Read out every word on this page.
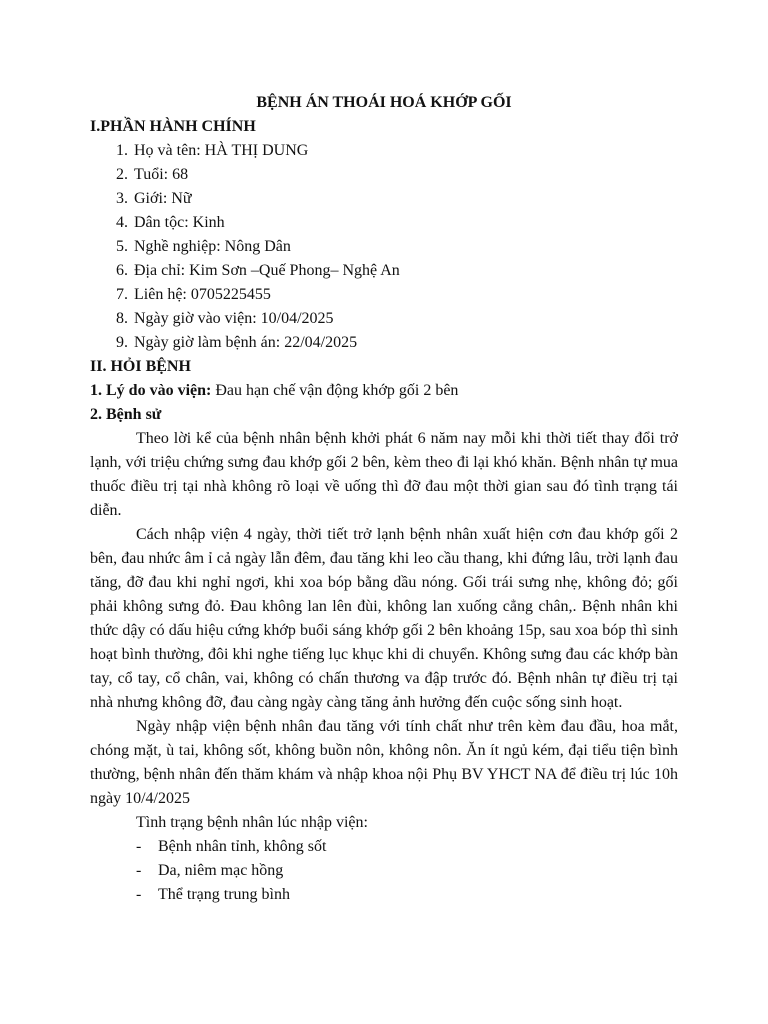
BỆNH ÁN THOÁI HOÁ KHỚP GỐI

I.PHẦN HÀNH CHÍNH

1. Họ và tên: HÀ THỊ DUNG
2. Tuổi: 68
3. Giới: Nữ
4. Dân tộc: Kinh
5. Nghề nghiệp: Nông Dân
6. Địa chỉ: Kim Sơn –Quế Phong– Nghệ An
7. Liên hệ: 0705225455
8. Ngày giờ vào viện: 10/04/2025
9. Ngày giờ làm bệnh án: 22/04/2025

II. HỎI BỆNH

1. Lý do vào viện: Đau hạn chế vận động khớp gối 2 bên

2. Bệnh sử

Theo lời kể của bệnh nhân bệnh khởi phát 6 năm nay mỗi khi thời tiết thay đổi trở lạnh, với triệu chứng sưng đau khớp gối 2 bên, kèm theo đi lại khó khăn. Bệnh nhân tự mua thuốc điều trị tại nhà không rõ loại về uống thì đỡ đau một thời gian sau đó tình trạng tái diễn.

Cách nhập viện 4 ngày, thời tiết trở lạnh bệnh nhân xuất hiện cơn đau khớp gối 2 bên, đau nhức âm ỉ cả ngày lẫn đêm, đau tăng khi leo cầu thang, khi đứng lâu, trời lạnh đau tăng, đỡ đau khi nghỉ ngơi, khi xoa bóp bằng dầu nóng. Gối trái sưng nhẹ, không đỏ; gối phải không sưng đỏ. Đau không lan lên đùi, không lan xuống cẳng chân,. Bệnh nhân khi thức dậy có dấu hiệu cứng khớp buổi sáng khớp gối 2 bên khoảng 15p, sau xoa bóp thì sinh hoạt bình thường, đôi khi nghe tiếng lục khục khi di chuyển. Không sưng đau các khớp bàn tay, cổ tay, cổ chân, vai, không có chấn thương va đập trước đó. Bệnh nhân tự điều trị tại nhà nhưng không đỡ, đau càng ngày càng tăng ảnh hưởng đến cuộc sống sinh hoạt.

Ngày nhập viện bệnh nhân đau tăng với tính chất như trên kèm đau đầu, hoa mắt, chóng mặt, ù tai, không sốt, không buồn nôn, không nôn. Ăn ít ngủ kém, đại tiểu tiện bình thường, bệnh nhân đến thăm khám và nhập khoa nội Phụ BV YHCT NA để điều trị lúc 10h ngày 10/4/2025

Tình trạng bệnh nhân lúc nhập viện:

-	Bệnh nhân tỉnh, không sốt
-	Da, niêm mạc hồng
-	Thể trạng trung bình
